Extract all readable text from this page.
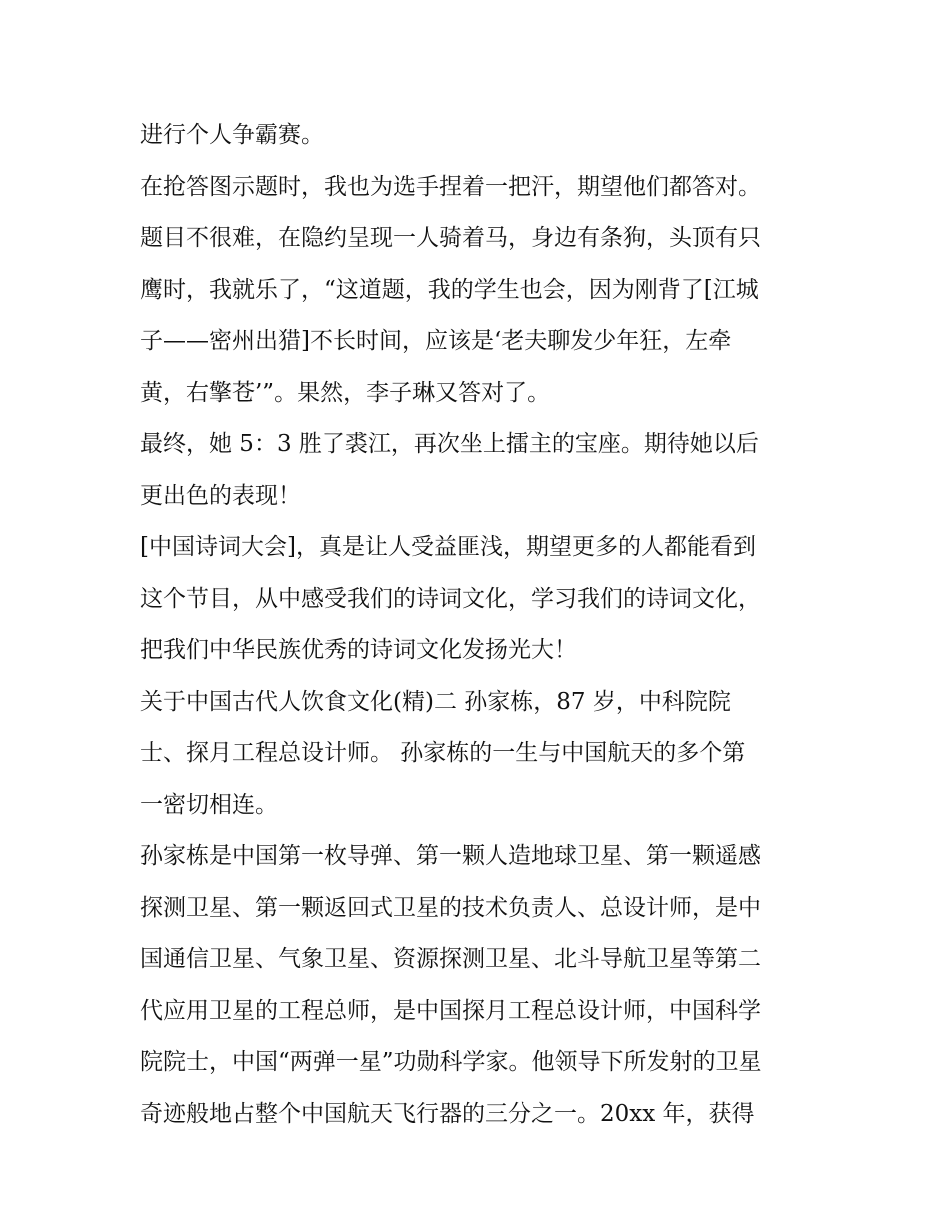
进行个人争霸赛。
在抢答图示题时，我也为选手捏着一把汗，期望他们都答对。
题目不很难，在隐约呈现一人骑着马，身边有条狗，头顶有只
鹰时，我就乐了，“这道题，我的学生也会，因为刚背了[江城
子——密州出猎]不长时间，应该是‘老夫聊发少年狂，左牵
黄，右擎苍’”。果然，李子琳又答对了。
最终，她 5：3 胜了裘江，再次坐上擂主的宝座。期待她以后
更出色的表现！
[中国诗词大会]，真是让人受益匪浅，期望更多的人都能看到
这个节目，从中感受我们的诗词文化，学习我们的诗词文化，
把我们中华民族优秀的诗词文化发扬光大！
关于中国古代人饮食文化(精)二 孙家栋，87 岁，中科院院
士、探月工程总设计师。 孙家栋的一生与中国航天的多个第
一密切相连。
孙家栋是中国第一枚导弹、第一颗人造地球卫星、第一颗遥感
探测卫星、第一颗返回式卫星的技术负责人、总设计师，是中
国通信卫星、气象卫星、资源探测卫星、北斗导航卫星等第二
代应用卫星的工程总师，是中国探月工程总设计师，中国科学
院院士，中国“两弹一星”功勋科学家。他领导下所发射的卫星
奇迹般地占整个中国航天飞行器的三分之一。20xx 年，获得
